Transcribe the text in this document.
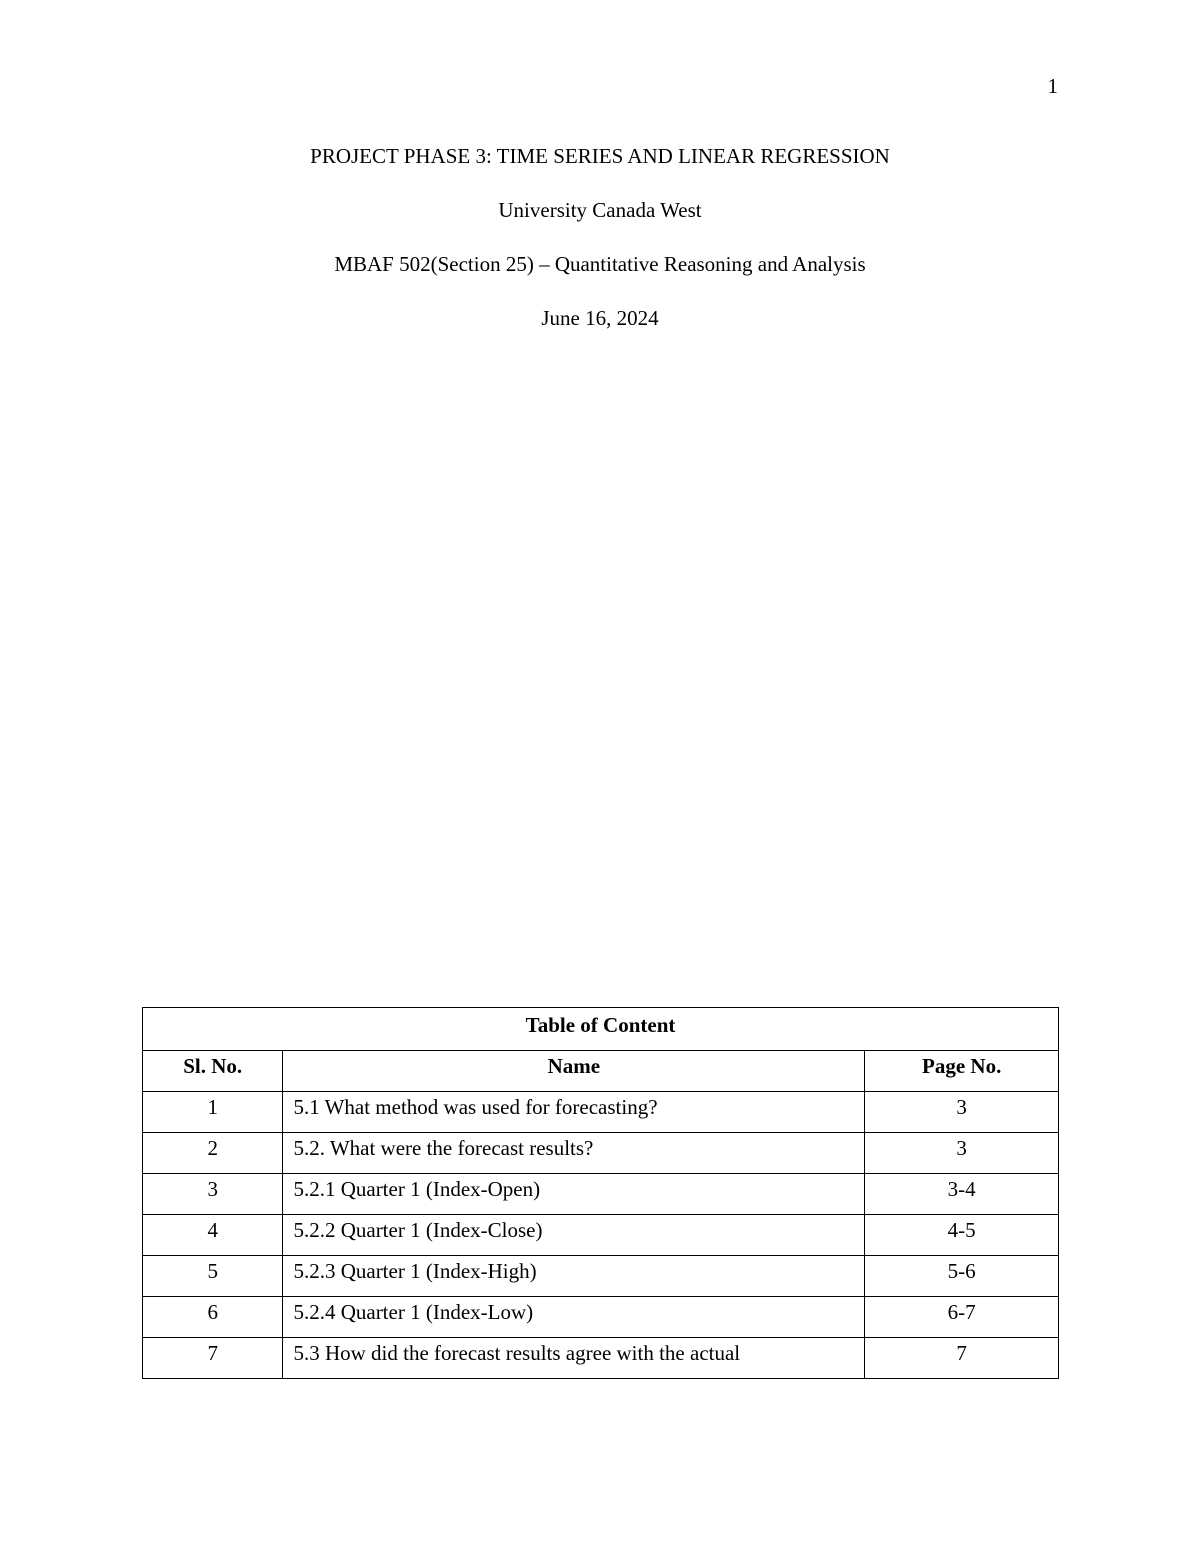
1
PROJECT PHASE 3: TIME SERIES AND LINEAR REGRESSION
University Canada West
MBAF 502(Section 25) – Quantitative Reasoning and Analysis
June 16, 2024
Table of Content		
Sl. No.	Name	Page No.
1	5.1 What method was used for forecasting?	3
2	5.2. What were the forecast results?	3
3	5.2.1 Quarter 1 (Index-Open)	3-4
4	5.2.2 Quarter 1 (Index-Close)	4-5
5	5.2.3 Quarter 1 (Index-High)	5-6
6	5.2.4 Quarter 1 (Index-Low)	6-7
7	5.3 How did the forecast results agree with the actual	7
